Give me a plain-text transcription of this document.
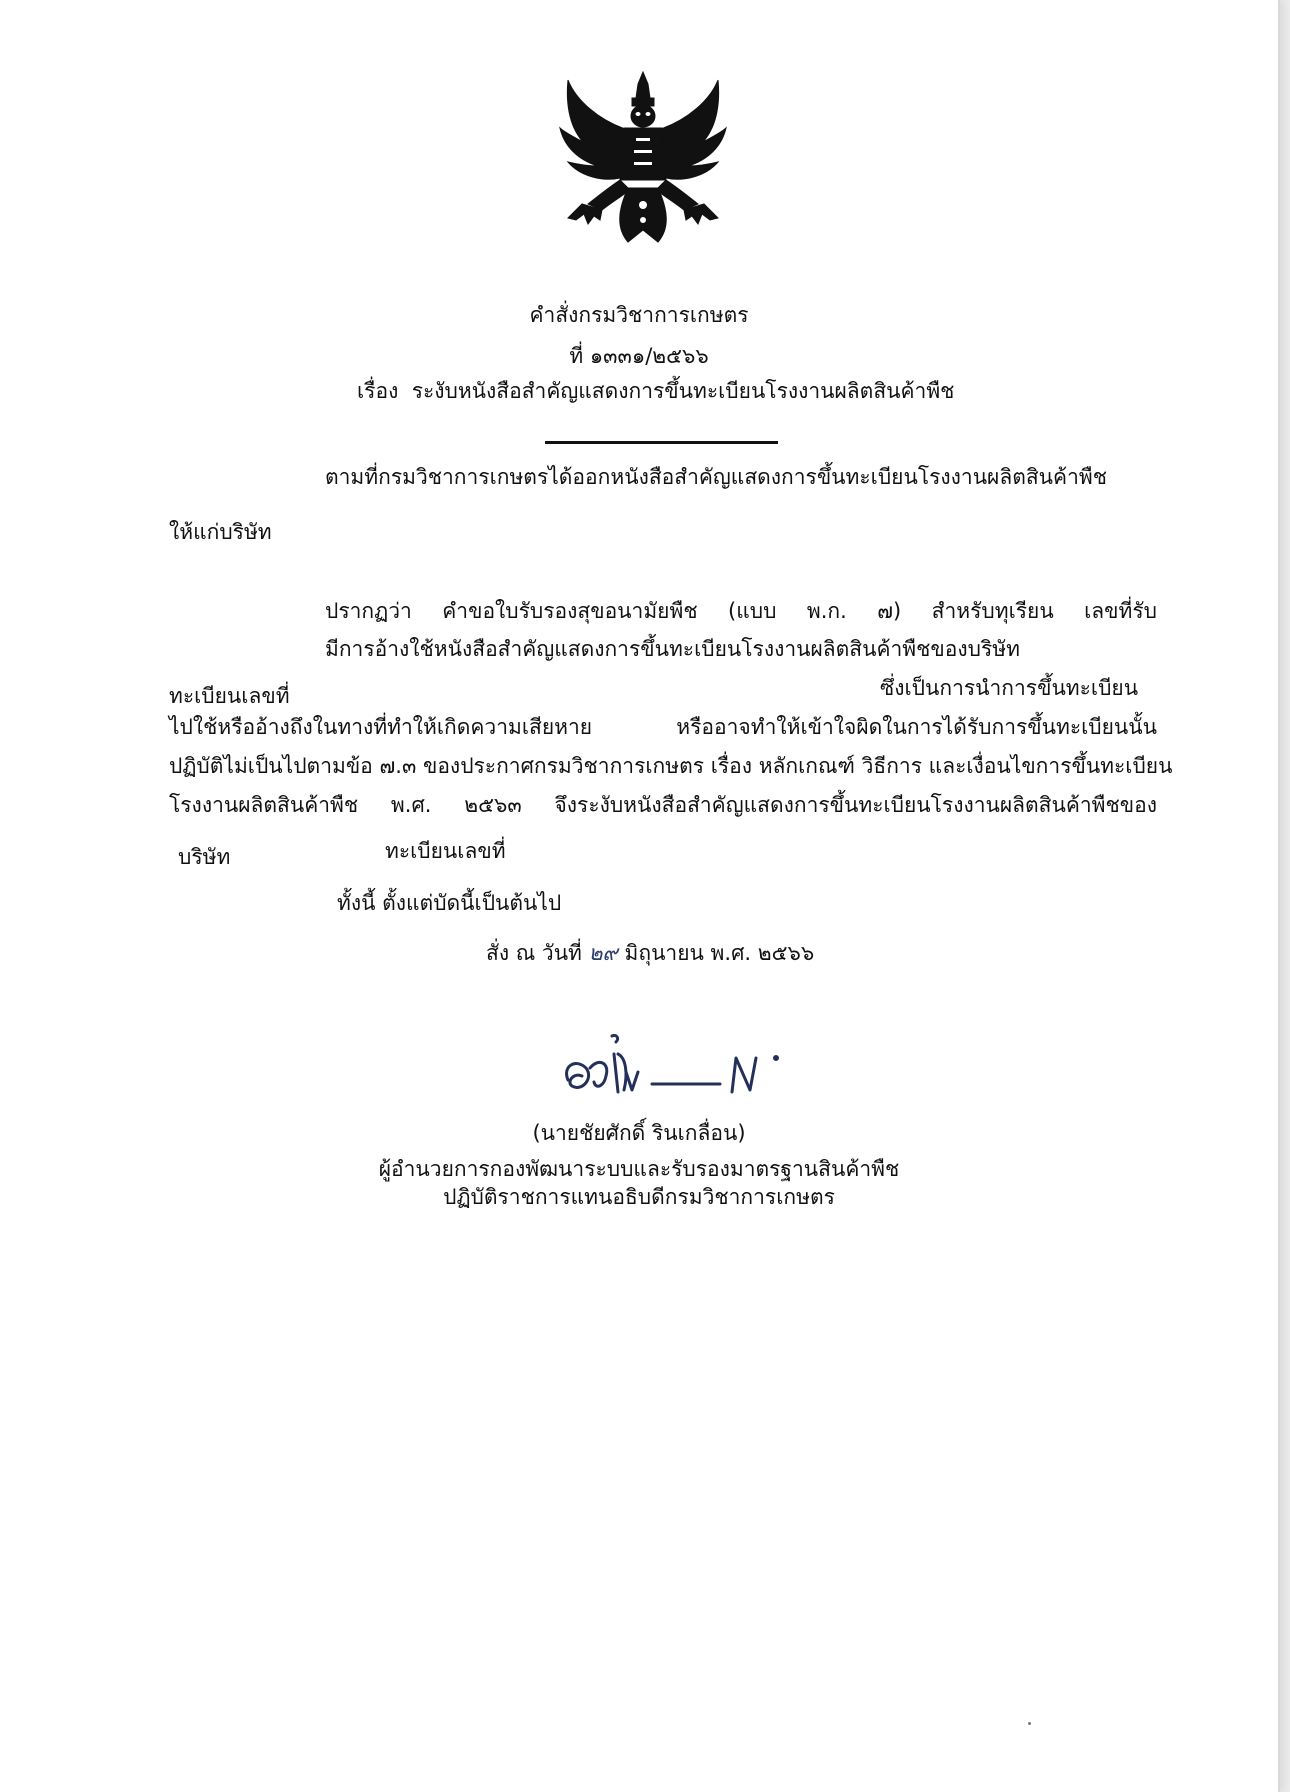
คำสั่งกรมวิชาการเกษตร
ที่ ๑๓๓๑/๒๕๖๖
เรื่อง ระงับหนังสือสำคัญแสดงการขึ้นทะเบียนโรงงานผลิตสินค้าพืช
ตามที่กรมวิชาการเกษตรได้ออกหนังสือสำคัญแสดงการขึ้นทะเบียนโรงงานผลิตสินค้าพืช
ให้แก่บริษัท
ปรากฏว่า คำขอใบรับรองสุขอนามัยพืช (แบบ พ.ก. ๗) สำหรับทุเรียน เลขที่รับ
มีการอ้างใช้หนังสือสำคัญแสดงการขึ้นทะเบียนโรงงานผลิตสินค้าพืชของบริษัท
ทะเบียนเลขที่	ซึ่งเป็นการนำการขึ้นทะเบียน
ไปใช้หรืออ้างถึงในทางที่ทำให้เกิดความเสียหาย หรืออาจทำให้เข้าใจผิดในการได้รับการขึ้นทะเบียนนั้น
ปฏิบัติไม่เป็นไปตามข้อ ๗.๓ ของประกาศกรมวิชาการเกษตร เรื่อง หลักเกณฑ์ วิธีการ และเงื่อนไขการขึ้นทะเบียน
โรงงานผลิตสินค้าพืช พ.ศ. ๒๕๖๓ จึงระงับหนังสือสำคัญแสดงการขึ้นทะเบียนโรงงานผลิตสินค้าพืชของ
บริษัท	ทะเบียนเลขที่
ทั้งนี้ ตั้งแต่บัดนี้เป็นต้นไป
สั่ง ณ วันที่ ๒๙ มิถุนายน พ.ศ. ๒๕๖๖
(นายชัยศักดิ์ รินเกลื่อน)
ผู้อำนวยการกองพัฒนาระบบและรับรองมาตรฐานสินค้าพืช
ปฏิบัติราชการแทนอธิบดีกรมวิชาการเกษตร
